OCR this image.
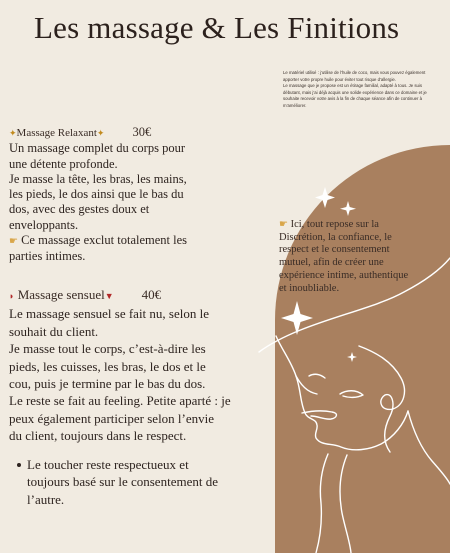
Les massage & Les Finitions

Le matériel utilisé : j’utilise de l’huile de coco, mais vous pouvez également apporter votre propre huile pour éviter tout risque d’allergie.

Le massage que je propose est un étirage familial, adapté à tous. Je suis débutant, mais j’ai déjà acquis une solide expérience dans ce domaine et je souhaite recevoir votre avis à la fin de chaque séance afin de continuer à m’améliorer.

✦Massage Relaxant✦ 30€
Un massage complet du corps pour
une détente profonde.
Je masse la tête, les bras, les mains,
les pieds, le dos ainsi que le bas du
dos, avec des gestes doux et
enveloppants.
☛ Ce massage exclut totalement les
parties intimes.
◗ Massage sensuel▼ 40€
Le massage sensuel se fait nu, selon le
souhait du client.
Je masse tout le corps, c’est-à-dire les
pieds, les cuisses, les bras, le dos et le
cou, puis je termine par le bas du dos.
Le reste se fait au feeling. Petite aparté : je
peux également participer selon l’envie
du client, toujours dans le respect.
Le toucher reste respectueux et
toujours basé sur le consentement de
l’autre.
☛ Ici, tout repose sur la
Discrétion, la confiance, le
respect et le consentement
mutuel, afin de créer une
expérience intime, authentique
et inoubliable.
